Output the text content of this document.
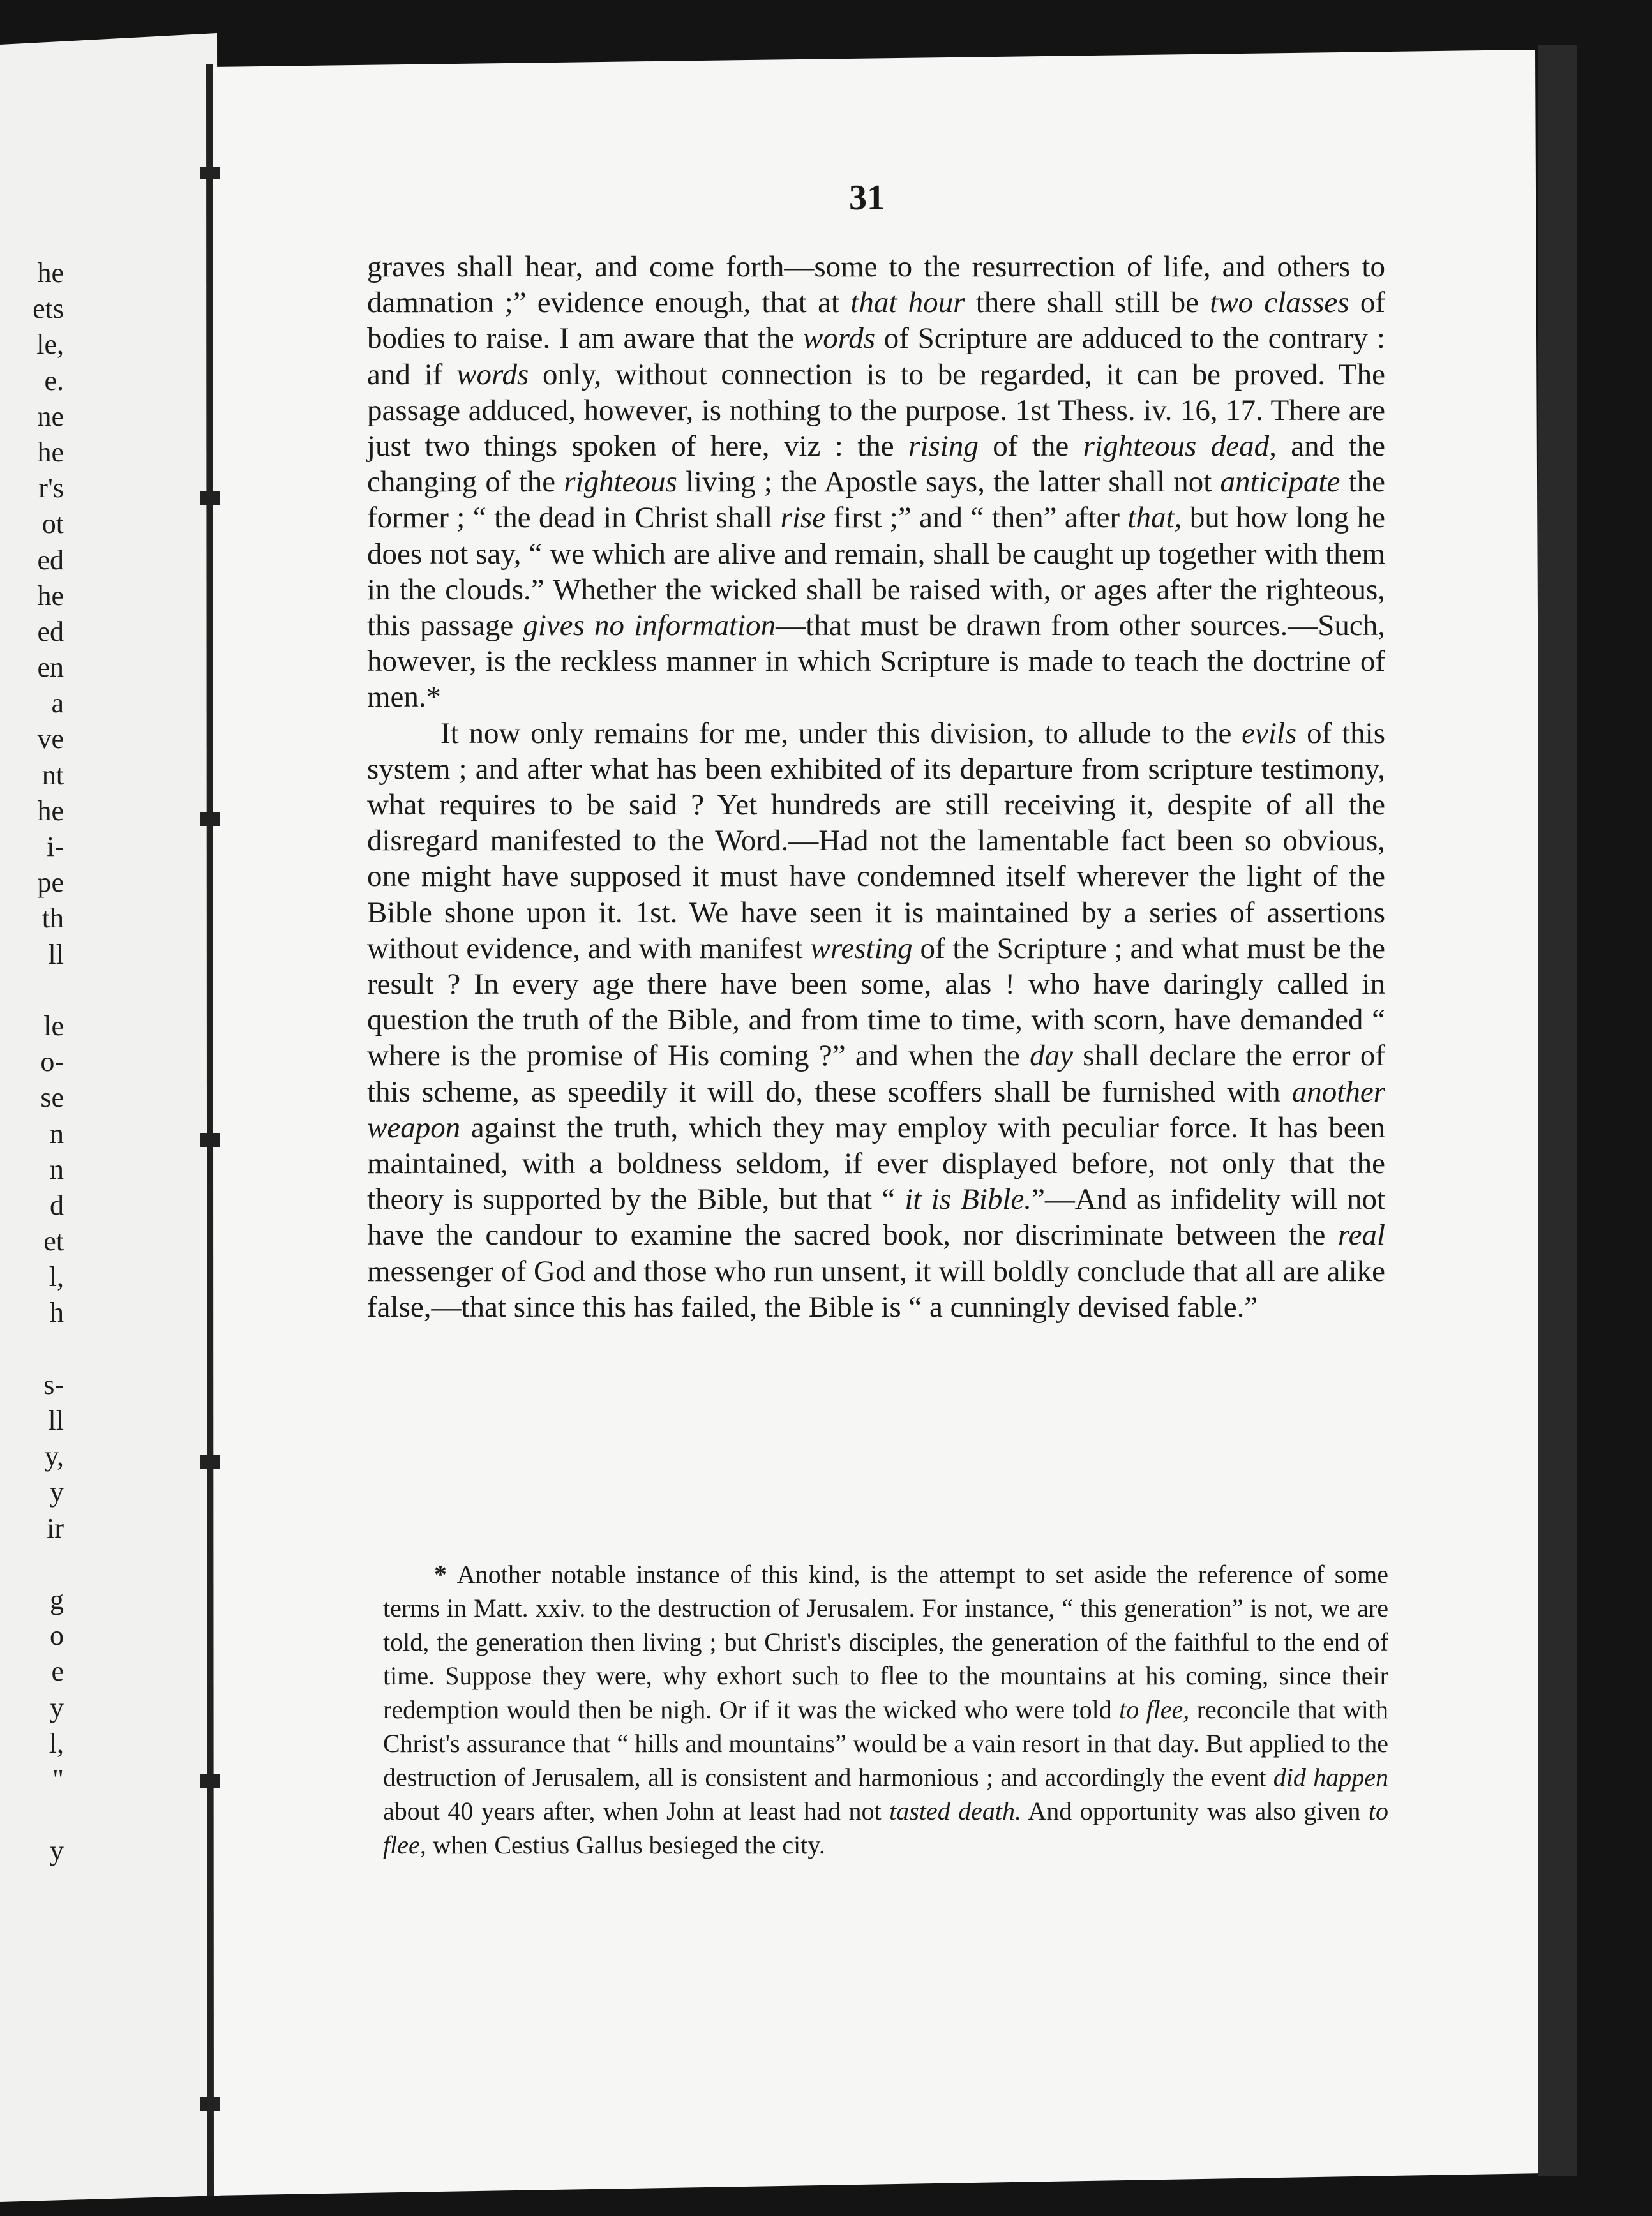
he
ets
le,
e.
ne
he
r's
ot
ed
he
ed
en
a
ve
nt
he
i-
pe
th
ll
le
o-
se
n
n
d
et
l,
h
s-
ll
y,
y
ir
g
o
e
y
l,
"
y
31

graves shall hear, and come forth—some to the resurrection of life, and others to damnation ;” evidence enough, that at that hour there shall still be two classes of bodies to raise. I am aware that the words of Scripture are adduced to the contrary : and if words only, without connection is to be regarded, it can be proved. The passage adduced, however, is nothing to the purpose. 1st Thess. iv. 16, 17. There are just two things spoken of here, viz : the rising of the righteous dead, and the changing of the righteous living ; the Apostle says, the latter shall not anticipate the former ; “ the dead in Christ shall rise first ;” and “ then” after that, but how long he does not say, “ we which are alive and remain, shall be caught up together with them in the clouds.” Whether the wicked shall be raised with, or ages after the righteous, this passage gives no information—that must be drawn from other sources.—Such, however, is the reckless manner in which Scripture is made to teach the doctrine of men.*

It now only remains for me, under this division, to allude to the evils of this system ; and after what has been exhibited of its departure from scripture testimony, what requires to be said ? Yet hundreds are still receiving it, despite of all the disregard manifested to the Word.—Had not the lamentable fact been so obvious, one might have supposed it must have condemned itself wherever the light of the Bible shone upon it. 1st. We have seen it is maintained by a series of assertions without evidence, and with manifest wresting of the Scripture ; and what must be the result ? In every age there have been some, alas ! who have daringly called in question the truth of the Bible, and from time to time, with scorn, have demanded “ where is the promise of His coming ?” and when the day shall declare the error of this scheme, as speedily it will do, these scoffers shall be furnished with another weapon against the truth, which they may employ with peculiar force. It has been maintained, with a boldness seldom, if ever displayed before, not only that the theory is supported by the Bible, but that “ it is Bible.”—And as infidelity will not have the candour to examine the sacred book, nor discriminate between the real messenger of God and those who run unsent, it will boldly conclude that all are alike false,—that since this has failed, the Bible is “ a cunningly devised fable.”

* Another notable instance of this kind, is the attempt to set aside the reference of some terms in Matt. xxiv. to the destruction of Jerusalem. For instance, “ this generation” is not, we are told, the generation then living ; but Christ's disciples, the generation of the faithful to the end of time. Suppose they were, why exhort such to flee to the mountains at his coming, since their redemption would then be nigh. Or if it was the wicked who were told to flee, reconcile that with Christ's assurance that “ hills and mountains” would be a vain resort in that day. But applied to the destruction of Jerusalem, all is consistent and harmonious ; and accordingly the event did happen about 40 years after, when John at least had not tasted death. And opportunity was also given to flee, when Cestius Gallus besieged the city.
